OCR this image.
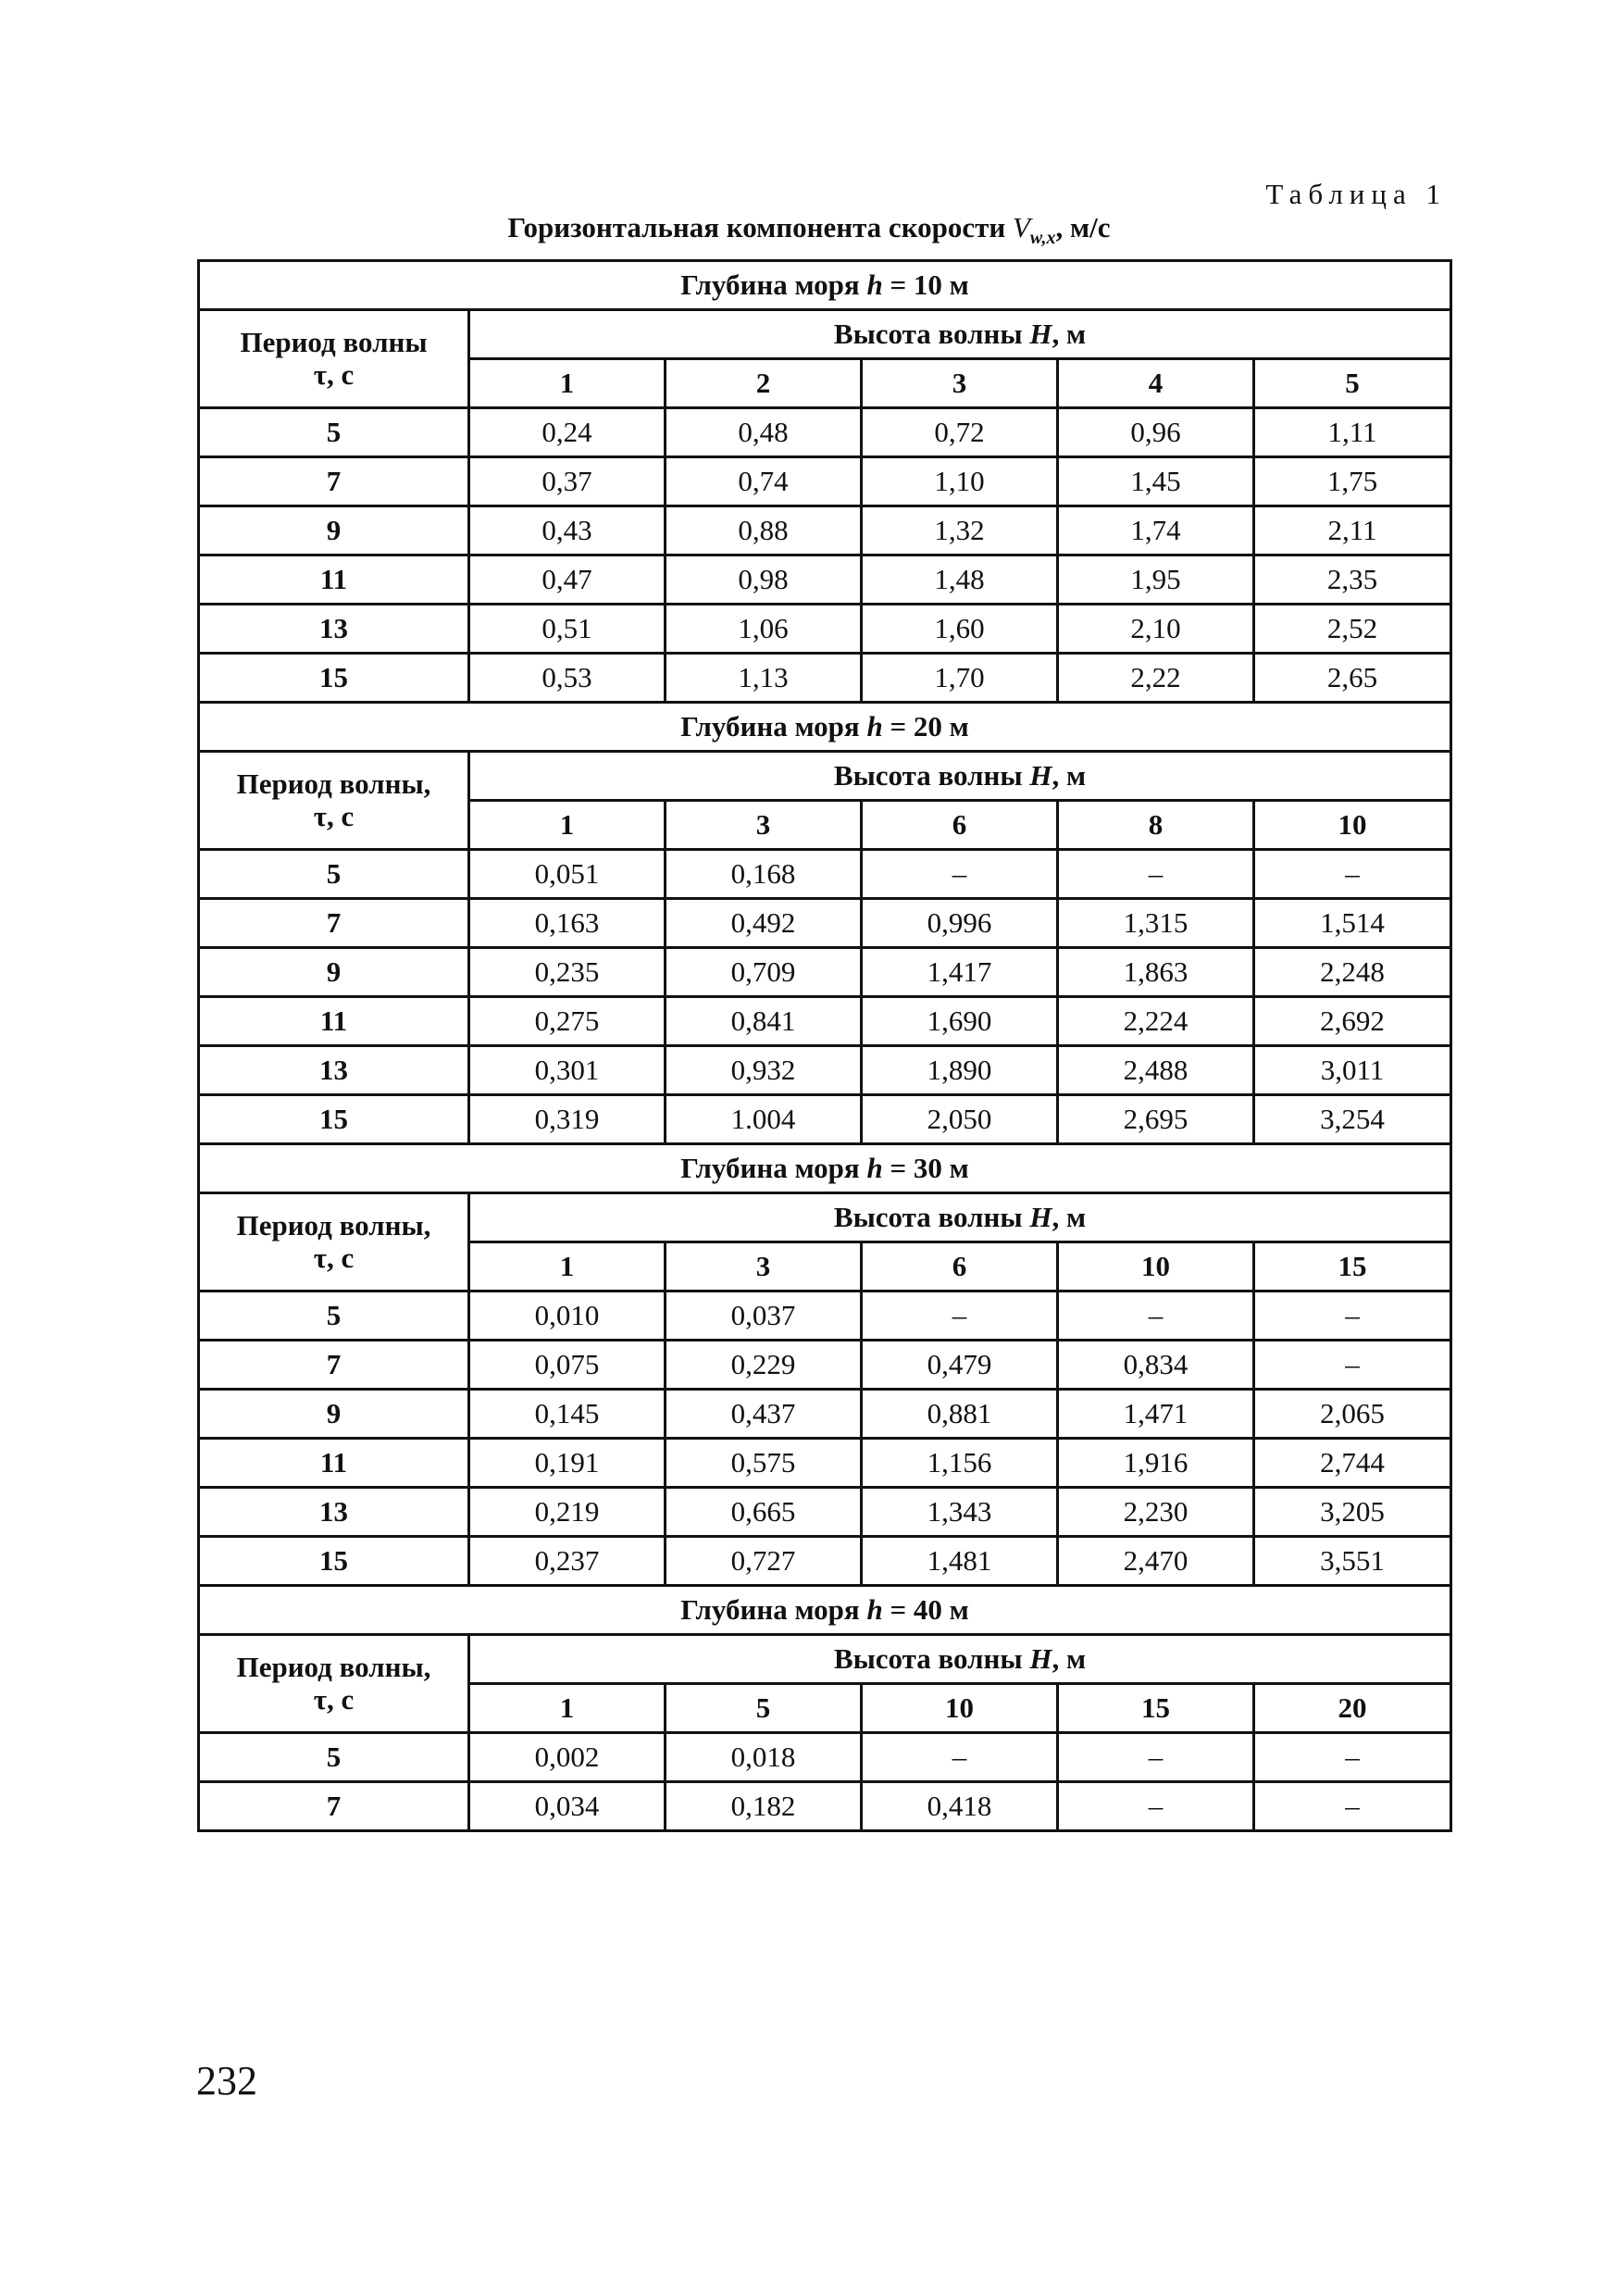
Таблица 1
Горизонтальная компонента скорости $V_{w,x}$, м/с
Глубина моря h = 10 м					

Период волны
τ, с	Высота волны H, м				
	1	2	3	4	5
5	0,24	0,48	0,72	0,96	1,11
7	0,37	0,74	1,10	1,45	1,75
9	0,43	0,88	1,32	1,74	2,11
11	0,47	0,98	1,48	1,95	2,35
13	0,51	1,06	1,60	2,10	2,52
15	0,53	1,13	1,70	2,22	2,65
Глубина моря h = 20 м					

Период волны,
τ, с	Высота волны H, м				
	1	3	6	8	10
5	0,051	0,168	–	–	–
7	0,163	0,492	0,996	1,315	1,514
9	0,235	0,709	1,417	1,863	2,248
11	0,275	0,841	1,690	2,224	2,692
13	0,301	0,932	1,890	2,488	3,011
15	0,319	1.004	2,050	2,695	3,254
Глубина моря h = 30 м					

Период волны,
τ, с	Высота волны H, м				
	1	3	6	10	15
5	0,010	0,037	–	–	–
7	0,075	0,229	0,479	0,834	–
9	0,145	0,437	0,881	1,471	2,065
11	0,191	0,575	1,156	1,916	2,744
13	0,219	0,665	1,343	2,230	3,205
15	0,237	0,727	1,481	2,470	3,551
Глубина моря h = 40 м					

Период волны,
τ, с	Высота волны H, м				
	1	5	10	15	20
5	0,002	0,018	–	–	–
7	0,034	0,182	0,418	–	–
232
